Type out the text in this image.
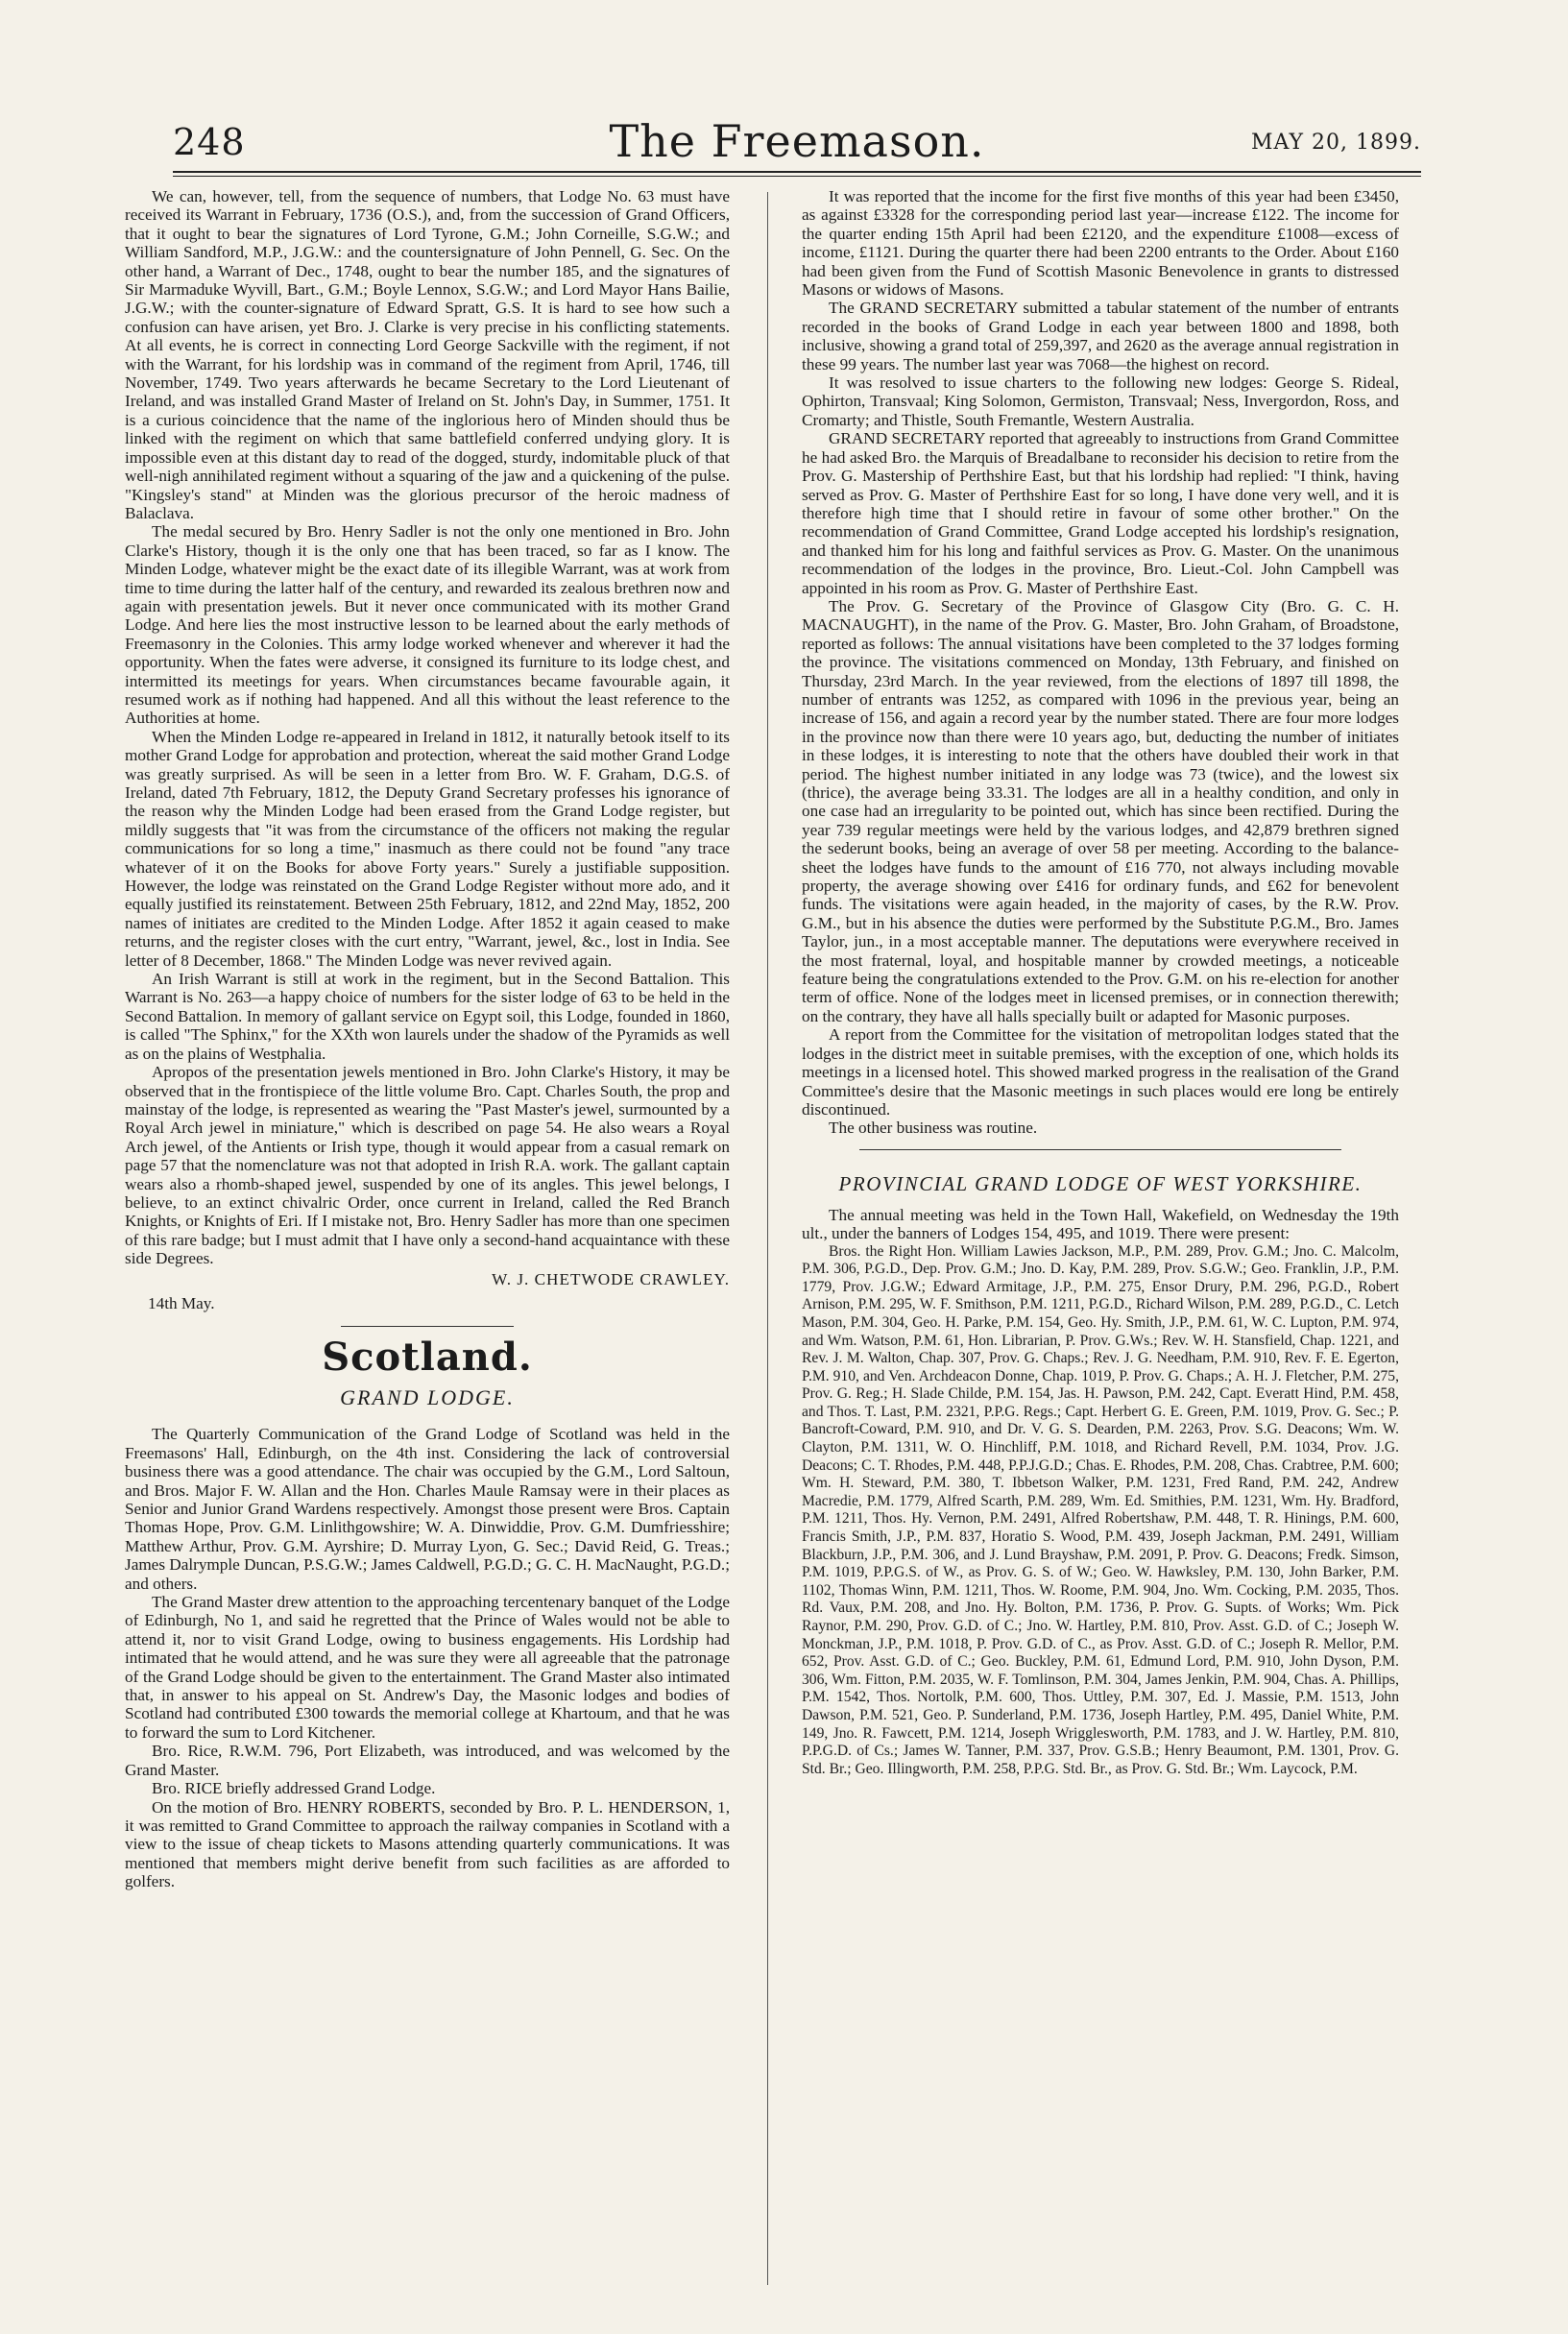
248	The Freemason.	MAY 20, 1899.

We can, however, tell, from the sequence of numbers, that Lodge No. 63 must have received its Warrant in February, 1736 (O.S.), and, from the succession of Grand Officers, that it ought to bear the signatures of Lord Tyrone, G.M.; John Corneille, S.G.W.; and William Sandford, M.P., J.G.W.: and the countersignature of John Pennell, G. Sec. On the other hand, a Warrant of Dec., 1748, ought to bear the number 185, and the signatures of Sir Marmaduke Wyvill, Bart., G.M.; Boyle Lennox, S.G.W.; and Lord Mayor Hans Bailie, J.G.W.; with the counter-signature of Edward Spratt, G.S. It is hard to see how such a confusion can have arisen, yet Bro. J. Clarke is very precise in his conflicting statements. At all events, he is correct in connecting Lord George Sackville with the regiment, if not with the Warrant, for his lordship was in command of the regiment from April, 1746, till November, 1749. Two years afterwards he became Secretary to the Lord Lieutenant of Ireland, and was installed Grand Master of Ireland on St. John's Day, in Summer, 1751. It is a curious coincidence that the name of the inglorious hero of Minden should thus be linked with the regiment on which that same battlefield conferred undying glory. It is impossible even at this distant day to read of the dogged, sturdy, indomitable pluck of that well-nigh annihilated regiment without a squaring of the jaw and a quickening of the pulse. "Kingsley's stand" at Minden was the glorious precursor of the heroic madness of Balaclava.

The medal secured by Bro. Henry Sadler is not the only one mentioned in Bro. John Clarke's History, though it is the only one that has been traced, so far as I know. The Minden Lodge, whatever might be the exact date of its illegible Warrant, was at work from time to time during the latter half of the century, and rewarded its zealous brethren now and again with presentation jewels. But it never once communicated with its mother Grand Lodge. And here lies the most instructive lesson to be learned about the early methods of Freemasonry in the Colonies. This army lodge worked whenever and wherever it had the opportunity. When the fates were adverse, it consigned its furniture to its lodge chest, and intermitted its meetings for years. When circumstances became favourable again, it resumed work as if nothing had happened. And all this without the least reference to the Authorities at home.

When the Minden Lodge re-appeared in Ireland in 1812, it naturally betook itself to its mother Grand Lodge for approbation and protection, whereat the said mother Grand Lodge was greatly surprised. As will be seen in a letter from Bro. W. F. Graham, D.G.S. of Ireland, dated 7th February, 1812, the Deputy Grand Secretary professes his ignorance of the reason why the Minden Lodge had been erased from the Grand Lodge register, but mildly suggests that "it was from the circumstance of the officers not making the regular communications for so long a time," inasmuch as there could not be found "any trace whatever of it on the Books for above Forty years." Surely a justifiable supposition. However, the lodge was reinstated on the Grand Lodge Register without more ado, and it equally justified its reinstatement. Between 25th February, 1812, and 22nd May, 1852, 200 names of initiates are credited to the Minden Lodge. After 1852 it again ceased to make returns, and the register closes with the curt entry, "Warrant, jewel, &c., lost in India. See letter of 8 December, 1868." The Minden Lodge was never revived again.

An Irish Warrant is still at work in the regiment, but in the Second Battalion. This Warrant is No. 263—a happy choice of numbers for the sister lodge of 63 to be held in the Second Battalion. In memory of gallant service on Egypt soil, this Lodge, founded in 1860, is called "The Sphinx," for the XXth won laurels under the shadow of the Pyramids as well as on the plains of Westphalia.

Apropos of the presentation jewels mentioned in Bro. John Clarke's History, it may be observed that in the frontispiece of the little volume Bro. Capt. Charles South, the prop and mainstay of the lodge, is represented as wearing the "Past Master's jewel, surmounted by a Royal Arch jewel in miniature," which is described on page 54. He also wears a Royal Arch jewel, of the Antients or Irish type, though it would appear from a casual remark on page 57 that the nomenclature was not that adopted in Irish R.A. work. The gallant captain wears also a rhomb-shaped jewel, suspended by one of its angles. This jewel belongs, I believe, to an extinct chivalric Order, once current in Ireland, called the Red Branch Knights, or Knights of Eri. If I mistake not, Bro. Henry Sadler has more than one specimen of this rare badge; but I must admit that I have only a second-hand acquaintance with these side Degrees.

W. J. CHETWODE CRAWLEY.

14th May.

Scotland.
GRAND LODGE.

The Quarterly Communication of the Grand Lodge of Scotland was held in the Freemasons' Hall, Edinburgh, on the 4th inst. Considering the lack of controversial business there was a good attendance. The chair was occupied by the G.M., Lord Saltoun, and Bros. Major F. W. Allan and the Hon. Charles Maule Ramsay were in their places as Senior and Junior Grand Wardens respectively. Amongst those present were Bros. Captain Thomas Hope, Prov. G.M. Linlithgowshire; W. A. Dinwiddie, Prov. G.M. Dumfriesshire; Matthew Arthur, Prov. G.M. Ayrshire; D. Murray Lyon, G. Sec.; David Reid, G. Treas.; James Dalrymple Duncan, P.S.G.W.; James Caldwell, P.G.D.; G. C. H. MacNaught, P.G.D.; and others.

The Grand Master drew attention to the approaching tercentenary banquet of the Lodge of Edinburgh, No 1, and said he regretted that the Prince of Wales would not be able to attend it, nor to visit Grand Lodge, owing to business engagements. His Lordship had intimated that he would attend, and he was sure they were all agreeable that the patronage of the Grand Lodge should be given to the entertainment. The Grand Master also intimated that, in answer to his appeal on St. Andrew's Day, the Masonic lodges and bodies of Scotland had contributed £300 towards the memorial college at Khartoum, and that he was to forward the sum to Lord Kitchener.

Bro. Rice, R.W.M. 796, Port Elizabeth, was introduced, and was welcomed by the Grand Master.

Bro. RICE briefly addressed Grand Lodge.

On the motion of Bro. HENRY ROBERTS, seconded by Bro. P. L. HENDERSON, 1, it was remitted to Grand Committee to approach the railway companies in Scotland with a view to the issue of cheap tickets to Masons attending quarterly communications. It was mentioned that members might derive benefit from such facilities as are afforded to golfers.

It was reported that the income for the first five months of this year had been £3450, as against £3328 for the corresponding period last year—increase £122. The income for the quarter ending 15th April had been £2120, and the expenditure £1008—excess of income, £1121. During the quarter there had been 2200 entrants to the Order. About £160 had been given from the Fund of Scottish Masonic Benevolence in grants to distressed Masons or widows of Masons.

The GRAND SECRETARY submitted a tabular statement of the number of entrants recorded in the books of Grand Lodge in each year between 1800 and 1898, both inclusive, showing a grand total of 259,397, and 2620 as the average annual registration in these 99 years. The number last year was 7068—the highest on record.

It was resolved to issue charters to the following new lodges: George S. Rideal, Ophirton, Transvaal; King Solomon, Germiston, Transvaal; Ness, Invergordon, Ross, and Cromarty; and Thistle, South Fremantle, Western Australia.

GRAND SECRETARY reported that agreeably to instructions from Grand Committee he had asked Bro. the Marquis of Breadalbane to reconsider his decision to retire from the Prov. G. Mastership of Perthshire East, but that his lordship had replied: "I think, having served as Prov. G. Master of Perthshire East for so long, I have done very well, and it is therefore high time that I should retire in favour of some other brother." On the recommendation of Grand Committee, Grand Lodge accepted his lordship's resignation, and thanked him for his long and faithful services as Prov. G. Master. On the unanimous recommendation of the lodges in the province, Bro. Lieut.-Col. John Campbell was appointed in his room as Prov. G. Master of Perthshire East.

The Prov. G. Secretary of the Province of Glasgow City (Bro. G. C. H. MACNAUGHT), in the name of the Prov. G. Master, Bro. John Graham, of Broadstone, reported as follows: The annual visitations have been completed to the 37 lodges forming the province. The visitations commenced on Monday, 13th February, and finished on Thursday, 23rd March. In the year reviewed, from the elections of 1897 till 1898, the number of entrants was 1252, as compared with 1096 in the previous year, being an increase of 156, and again a record year by the number stated. There are four more lodges in the province now than there were 10 years ago, but, deducting the number of initiates in these lodges, it is interesting to note that the others have doubled their work in that period. The highest number initiated in any lodge was 73 (twice), and the lowest six (thrice), the average being 33.31. The lodges are all in a healthy condition, and only in one case had an irregularity to be pointed out, which has since been rectified. During the year 739 regular meetings were held by the various lodges, and 42,879 brethren signed the sederunt books, being an average of over 58 per meeting. According to the balance-sheet the lodges have funds to the amount of £16 770, not always including movable property, the average showing over £416 for ordinary funds, and £62 for benevolent funds. The visitations were again headed, in the majority of cases, by the R.W. Prov. G.M., but in his absence the duties were performed by the Substitute P.G.M., Bro. James Taylor, jun., in a most acceptable manner. The deputations were everywhere received in the most fraternal, loyal, and hospitable manner by crowded meetings, a noticeable feature being the congratulations extended to the Prov. G.M. on his re-election for another term of office. None of the lodges meet in licensed premises, or in connection therewith; on the contrary, they have all halls specially built or adapted for Masonic purposes.

A report from the Committee for the visitation of metropolitan lodges stated that the lodges in the district meet in suitable premises, with the exception of one, which holds its meetings in a licensed hotel. This showed marked progress in the realisation of the Grand Committee's desire that the Masonic meetings in such places would ere long be entirely discontinued.

The other business was routine.

PROVINCIAL GRAND LODGE OF WEST YORKSHIRE.

The annual meeting was held in the Town Hall, Wakefield, on Wednesday the 19th ult., under the banners of Lodges 154, 495, and 1019. There were present:

Bros. the Right Hon. William Lawies Jackson, M.P., P.M. 289, Prov. G.M.; Jno. C. Malcolm, P.M. 306, P.G.D., Dep. Prov. G.M.; Jno. D. Kay, P.M. 289, Prov. S.G.W.; Geo. Franklin, J.P., P.M. 1779, Prov. J.G.W.; Edward Armitage, J.P., P.M. 275, Ensor Drury, P.M. 296, P.G.D., Robert Arnison, P.M. 295, W. F. Smithson, P.M. 1211, P.G.D., Richard Wilson, P.M. 289, P.G.D., C. Letch Mason, P.M. 304, Geo. H. Parke, P.M. 154, Geo. Hy. Smith, J.P., P.M. 61, W. C. Lupton, P.M. 974, and Wm. Watson, P.M. 61, Hon. Librarian, P. Prov. G.Ws.; Rev. W. H. Stansfield, Chap. 1221, and Rev. J. M. Walton, Chap. 307, Prov. G. Chaps.; Rev. J. G. Needham, P.M. 910, Rev. F. E. Egerton, P.M. 910, and Ven. Archdeacon Donne, Chap. 1019, P. Prov. G. Chaps.; A. H. J. Fletcher, P.M. 275, Prov. G. Reg.; H. Slade Childe, P.M. 154, Jas. H. Pawson, P.M. 242, Capt. Everatt Hind, P.M. 458, and Thos. T. Last, P.M. 2321, P.P.G. Regs.; Capt. Herbert G. E. Green, P.M. 1019, Prov. G. Sec.; P. Bancroft-Coward, P.M. 910, and Dr. V. G. S. Dearden, P.M. 2263, Prov. S.G. Deacons; Wm. W. Clayton, P.M. 1311, W. O. Hinchliff, P.M. 1018, and Richard Revell, P.M. 1034, Prov. J.G. Deacons; C. T. Rhodes, P.M. 448, P.P.J.G.D.; Chas. E. Rhodes, P.M. 208, Chas. Crabtree, P.M. 600; Wm. H. Steward, P.M. 380, T. Ibbetson Walker, P.M. 1231, Fred Rand, P.M. 242, Andrew Macredie, P.M. 1779, Alfred Scarth, P.M. 289, Wm. Ed. Smithies, P.M. 1231, Wm. Hy. Bradford, P.M. 1211, Thos. Hy. Vernon, P.M. 2491, Alfred Robertshaw, P.M. 448, T. R. Hinings, P.M. 600, Francis Smith, J.P., P.M. 837, Horatio S. Wood, P.M. 439, Joseph Jackman, P.M. 2491, William Blackburn, J.P., P.M. 306, and J. Lund Brayshaw, P.M. 2091, P. Prov. G. Deacons; Fredk. Simson, P.M. 1019, P.P.G.S. of W., as Prov. G. S. of W.; Geo. W. Hawksley, P.M. 130, John Barker, P.M. 1102, Thomas Winn, P.M. 1211, Thos. W. Roome, P.M. 904, Jno. Wm. Cocking, P.M. 2035, Thos. Rd. Vaux, P.M. 208, and Jno. Hy. Bolton, P.M. 1736, P. Prov. G. Supts. of Works; Wm. Pick Raynor, P.M. 290, Prov. G.D. of C.; Jno. W. Hartley, P.M. 810, Prov. Asst. G.D. of C.; Joseph W. Monckman, J.P., P.M. 1018, P. Prov. G.D. of C., as Prov. Asst. G.D. of C.; Joseph R. Mellor, P.M. 652, Prov. Asst. G.D. of C.; Geo. Buckley, P.M. 61, Edmund Lord, P.M. 910, John Dyson, P.M. 306, Wm. Fitton, P.M. 2035, W. F. Tomlinson, P.M. 304, James Jenkin, P.M. 904, Chas. A. Phillips, P.M. 1542, Thos. Nortolk, P.M. 600, Thos. Uttley, P.M. 307, Ed. J. Massie, P.M. 1513, John Dawson, P.M. 521, Geo. P. Sunderland, P.M. 1736, Joseph Hartley, P.M. 495, Daniel White, P.M. 149, Jno. R. Fawcett, P.M. 1214, Joseph Wrigglesworth, P.M. 1783, and J. W. Hartley, P.M. 810, P.P.G.D. of Cs.; James W. Tanner, P.M. 337, Prov. G.S.B.; Henry Beaumont, P.M. 1301, Prov. G. Std. Br.; Geo. Illingworth, P.M. 258, P.P.G. Std. Br., as Prov. G. Std. Br.; Wm. Laycock, P.M.
